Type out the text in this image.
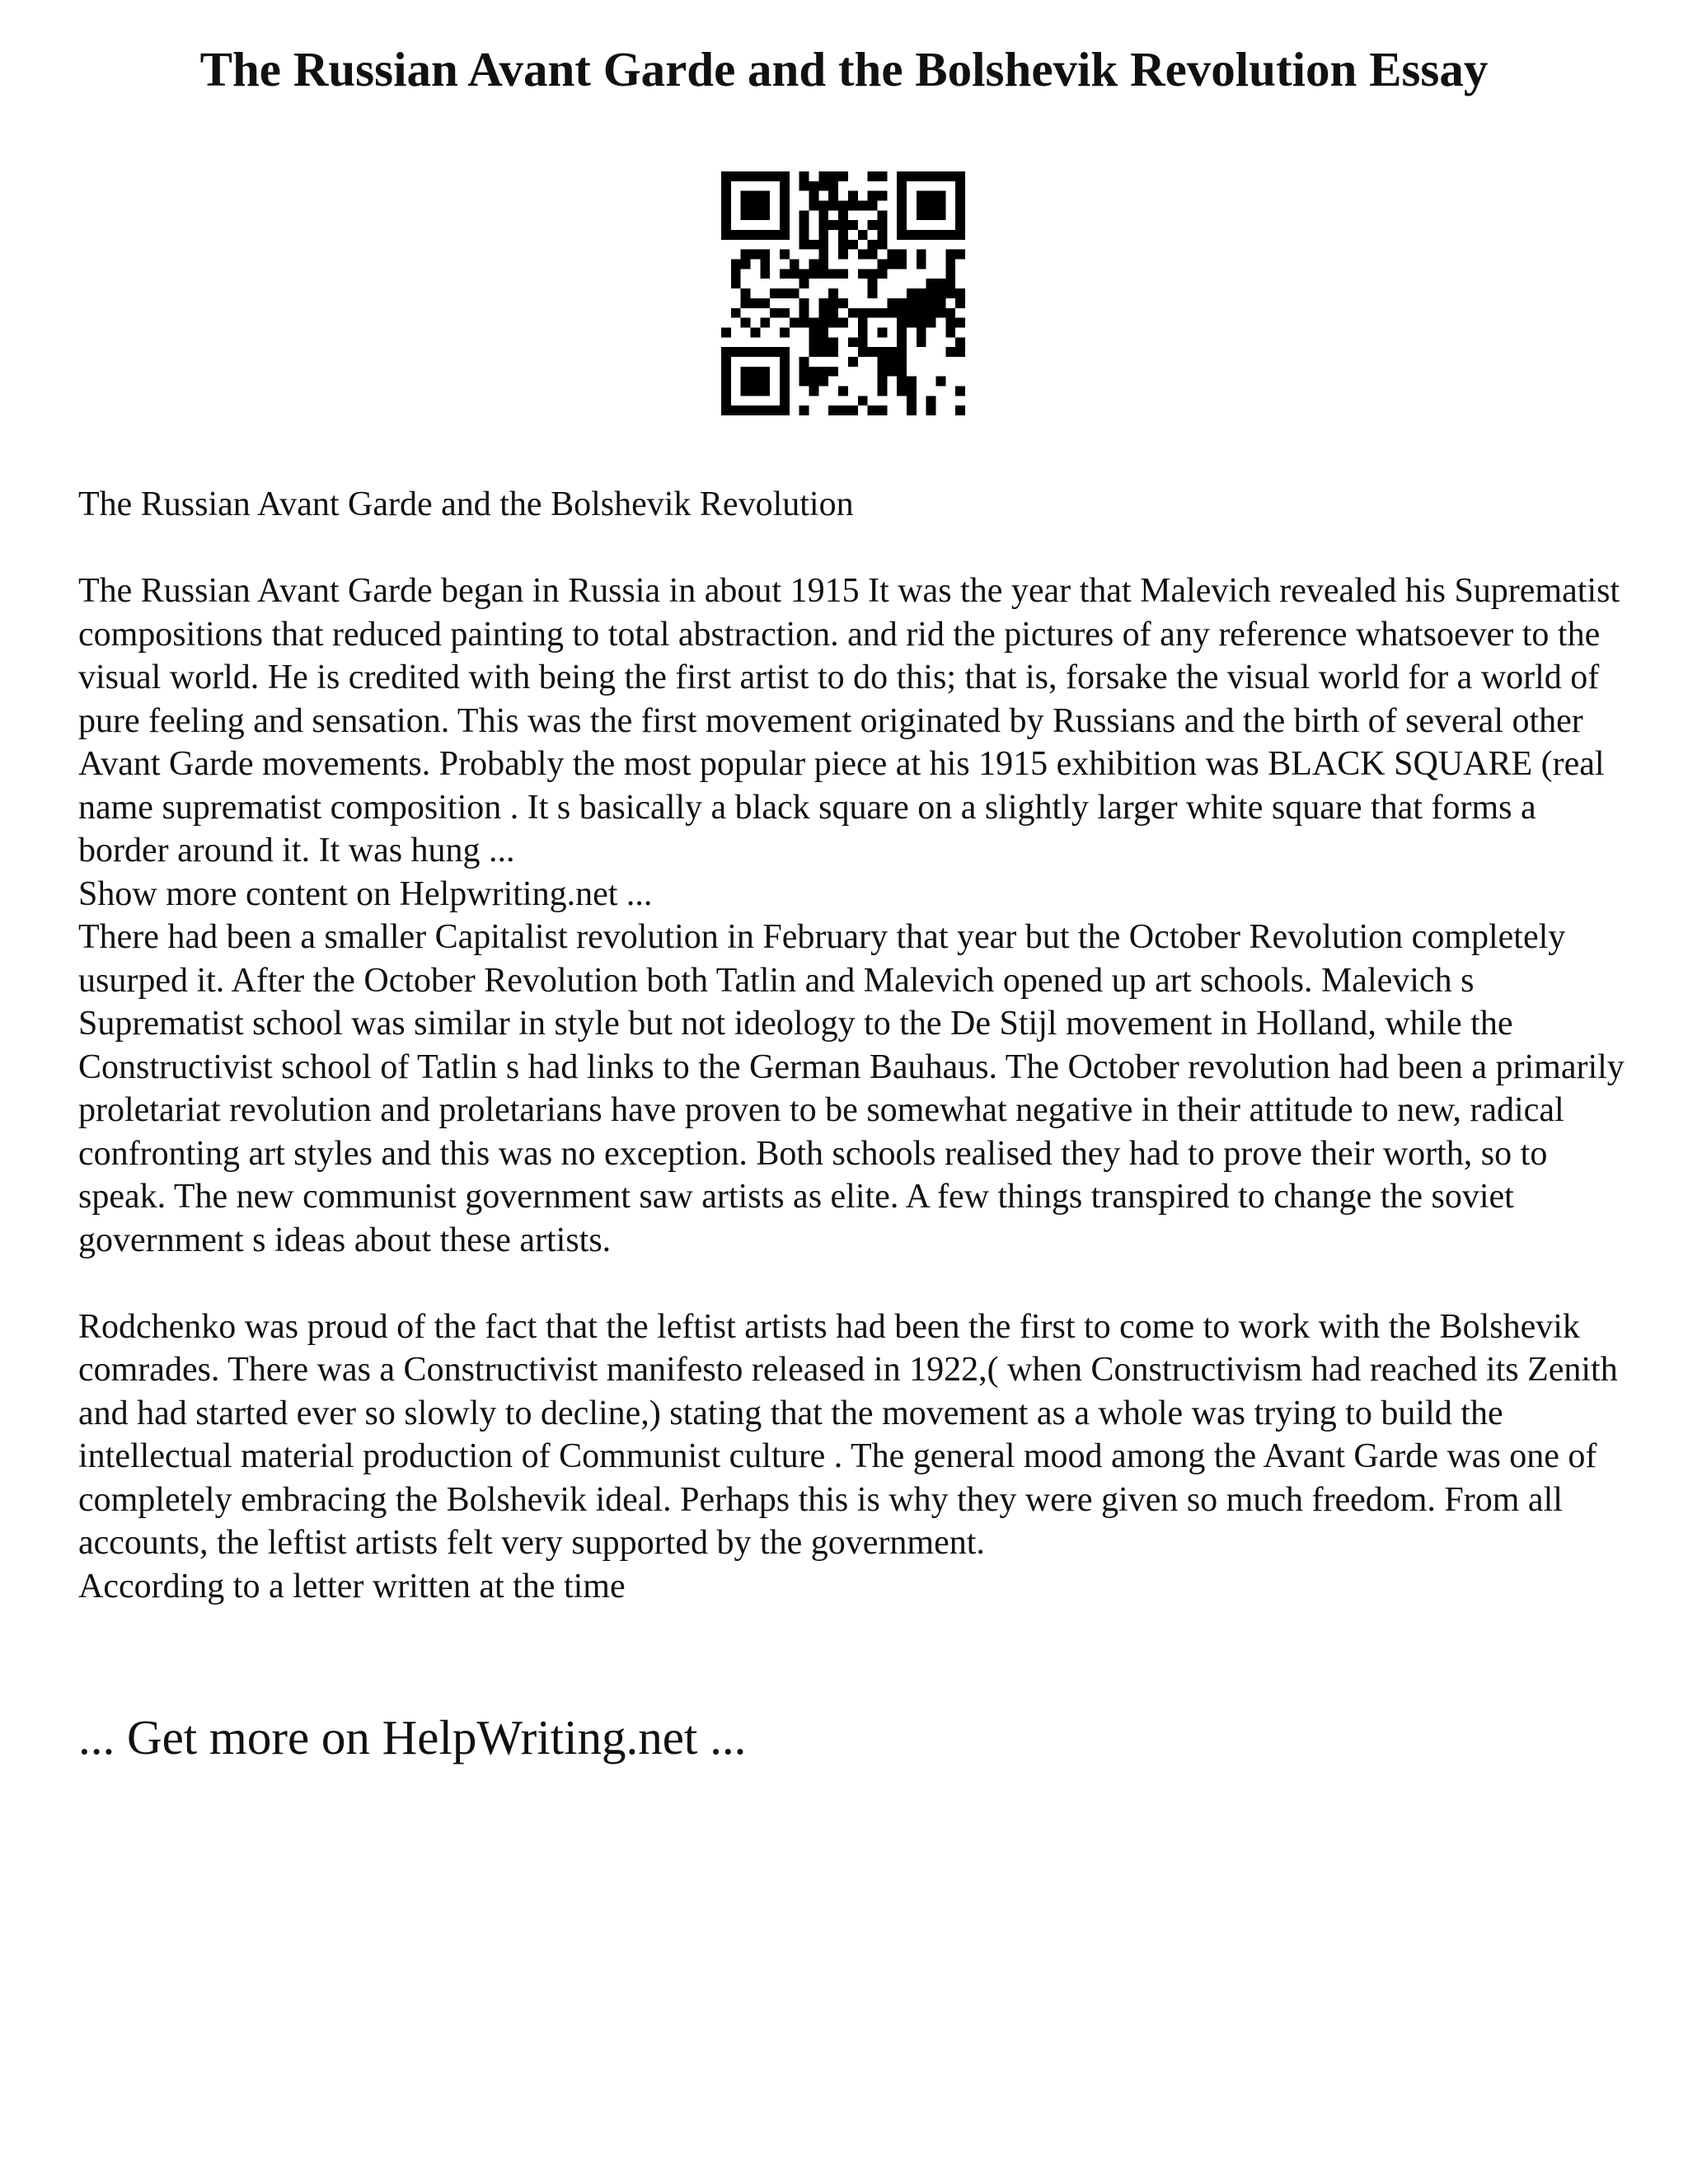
The Russian Avant Garde and the Bolshevik Revolution Essay

The Russian Avant Garde and the Bolshevik Revolution

The Russian Avant Garde began in Russia in about 1915 It was the year that Malevich revealed his Suprematist compositions that reduced painting to total abstraction. and rid the pictures of any reference whatsoever to the visual world. He is credited with being the first artist to do this; that is, forsake the visual world for a world of pure feeling and sensation. This was the first movement originated by Russians and the birth of several other Avant Garde movements. Probably the most popular piece at his 1915 exhibition was BLACK SQUARE (real name suprematist composition . It s basically a black square on a slightly larger white square that forms a border around it. It was hung ...

Show more content on Helpwriting.net ...

There had been a smaller Capitalist revolution in February that year but the October Revolution completely usurped it. After the October Revolution both Tatlin and Malevich opened up art schools. Malevich s Suprematist school was similar in style but not ideology to the De Stijl movement in Holland, while the Constructivist school of Tatlin s had links to the German Bauhaus. The October revolution had been a primarily proletariat revolution and proletarians have proven to be somewhat negative in their attitude to new, radical confronting art styles and this was no exception. Both schools realised they had to prove their worth, so to speak. The new communist government saw artists as elite. A few things transpired to change the soviet government s ideas about these artists.

Rodchenko was proud of the fact that the leftist artists had been the first to come to work with the Bolshevik comrades. There was a Constructivist manifesto released in 1922,( when Constructivism had reached its Zenith and had started ever so slowly to decline,) stating that the movement as a whole was trying to build the intellectual material production of Communist culture . The general mood among the Avant Garde was one of completely embracing the Bolshevik ideal. Perhaps this is why they were given so much freedom. From all accounts, the leftist artists felt very supported by the government.

According to a letter written at the time

... Get more on HelpWriting.net ...
